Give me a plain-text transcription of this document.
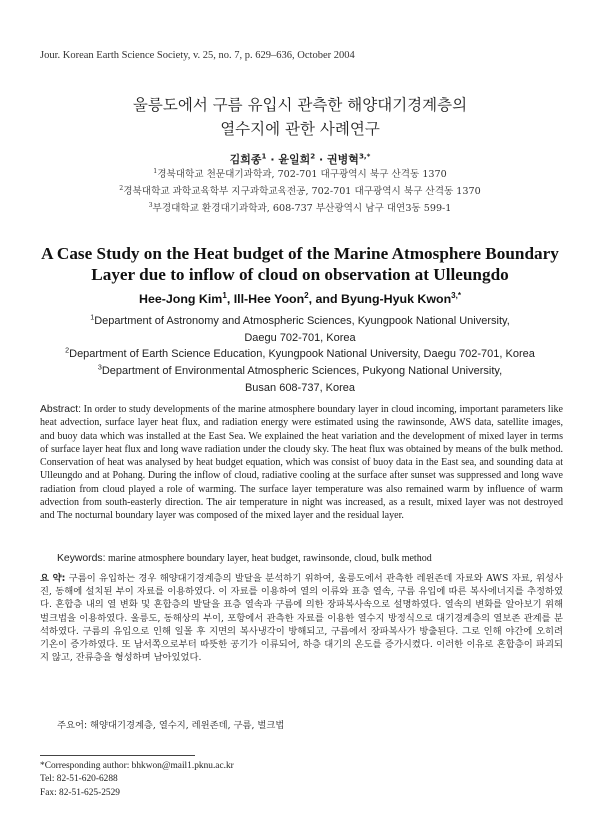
Jour. Korean Earth Science Society, v. 25, no. 7, p. 629–636, October 2004
울릉도에서 구름 유입시 관측한 해양대기경계층의
열수지에 관한 사례연구
김희종$^1$ · 윤일희$^2$ · 권병혁$^{3,*}$
$^1$경북대학교 천문대기과학과, 702-701 대구광역시 북구 산격동 1370
$^2$경북대학교 과학교육학부 지구과학교육전공, 702-701 대구광역시 북구 산격동 1370
$^3$부경대학교 환경대기과학과, 608-737 부산광역시 남구 대연3동 599-1
A Case Study on the Heat budget of the Marine Atmosphere Boundary
Layer due to inflow of cloud on observation at Ulleungdo
Hee-Jong Kim$^1$, Ill-Hee Yoon$^2$, and Byung-Hyuk Kwon$^{3,*}$
$^1$Department of Astronomy and Atmospheric Sciences, Kyungpook National University,
Daegu 702-701, Korea
$^2$Department of Earth Science Education, Kyungpook National University, Daegu 702-701, Korea
$^3$Department of Environmental Atmospheric Sciences, Pukyong National University,
Busan 608-737, Korea
Abstract: In order to study developments of the marine atmosphere boundary layer in cloud incoming, important parameters like heat advection, surface layer heat flux, and radiation energy were estimated using the rawinsonde, AWS data, satellite images, and buoy data which was installed at the East Sea. We explained the heat variation and the development of mixed layer in terms of surface layer heat flux and long wave radiation under the cloudy sky. The heat flux was obtained by means of the bulk method. Conservation of heat was analysed by heat budget equation, which was consist of buoy data in the East sea, and sounding data at Ulleungdo and at Pohang. During the inflow of cloud, radiative cooling at the surface after sunset was suppressed and long wave radiation from cloud played a role of warming. The surface layer temperature was also remained warm by influence of warm advection from south-easterly direction. The air temperature in night was increased, as a result, mixed layer was not destroyed and The nocturnal boundary layer was composed of the mixed layer and the residual layer.
Keywords: marine atmosphere boundary layer, heat budget, rawinsonde, cloud, bulk method
요 약: 구름이 유입하는 경우 해양대기경계층의 발달을 분석하기 위하여, 울릉도에서 관측한 레윈존데 자료와 AWS 자료, 위성사진, 동해에 설치된 부이 자료를 이용하였다. 이 자료를 이용하여 열의 이류와 표층 열속, 구름 유입에 따른 복사에너지를 추정하였다. 혼합층 내의 열 변화 및 혼합층의 발달을 표층 열속과 구름에 의한 장파복사속으로 설명하였다. 열속의 변화를 알아보기 위해 벌크법을 이용하였다. 울릉도, 동해상의 부이, 포항에서 관측한 자료를 이용한 열수지 방정식으로 대기경계층의 열보존 관계를 분석하였다. 구름의 유입으로 인해 일몰 후 지면의 복사냉각이 방해되고, 구름에서 장파복사가 방출된다. 그로 인해 야간에 오히려 기온이 증가하였다. 또 남서쪽으로부터 따뜻한 공기가 이류되어, 하층 대기의 온도를 증가시켰다. 이러한 이유로 혼합층이 파괴되지 않고, 잔류층을 형성하며 남아있었다.
주요어: 해양대기경계층, 열수지, 레윈존데, 구름, 벌크법
*Corresponding author: bhkwon@mail1.pknu.ac.kr
Tel: 82-51-620-6288
Fax: 82-51-625-2529
